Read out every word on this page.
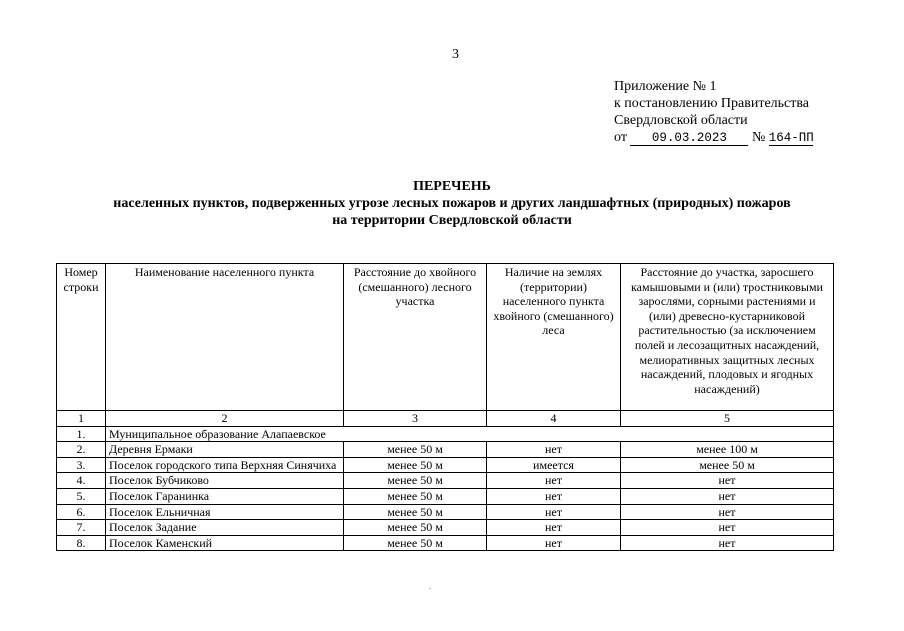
3
Приложение № 1
к постановлению Правительства
Свердловской области
от 09.03.2023 № 164-ПП
ПЕРЕЧЕНЬ
населенных пунктов, подверженных угрозе лесных пожаров и других ландшафтных (природных) пожаров
на территории Свердловской области
Номер строки	Наименование населенного пункта	Расстояние до хвойного (смешанного) лесного участка	Наличие на землях (территории) населенного пункта хвойного (смешанного) леса	Расстояние до участка, заросшего камышовыми и (или) тростниковыми зарослями, сорными растениями и (или) древесно-кустарниковой растительностью (за исключением полей и лесозащитных насаждений, мелиоративных защитных лесных насаждений, плодовых и ягодных насаждений)
1	2	3	4	5
1.	Муниципальное образование Алапаевское			
2.	Деревня Ермаки	менее 50 м	нет	менее 100 м
3.	Поселок городского типа Верхняя Синячиха	менее 50 м	имеется	менее 50 м
4.	Поселок Бубчиково	менее 50 м	нет	нет
5.	Поселок Гаранинка	менее 50 м	нет	нет
6.	Поселок Ельничная	менее 50 м	нет	нет
7.	Поселок Задание	менее 50 м	нет	нет
8.	Поселок Каменский	менее 50 м	нет	нет
